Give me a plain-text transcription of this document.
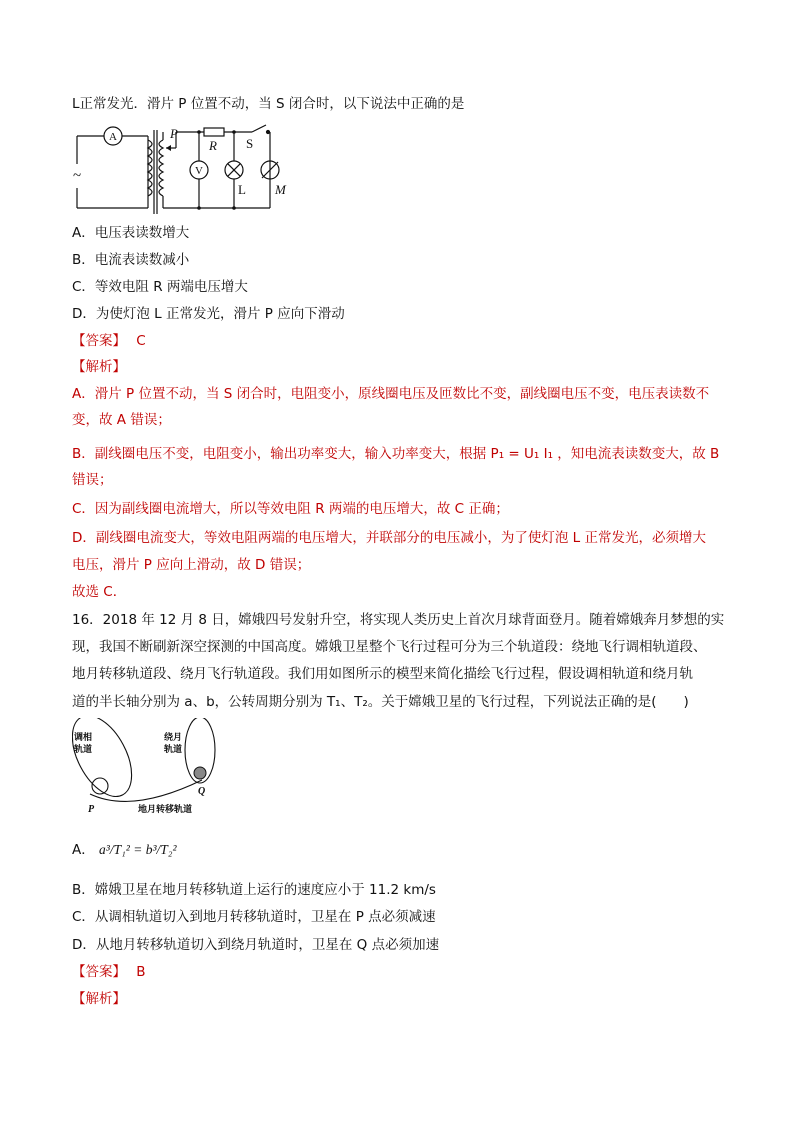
L正常发光．滑片 P 位置不动，当 S 闭合时，以下说法中正确的是
A
V
P
R S
L M
~
A．电压表读数增大
B．电流表读数减小
C．等效电阻 R 两端电压增大
D．为使灯泡 L 正常发光，滑片 P 应向下滑动
【答案】 C
【解析】
A．滑片 P 位置不动，当 S 闭合时，电阻变小，原线圈电压及匝数比不变，副线圈电压不变，电压表读数不
变，故 A 错误；
B．副线圈电压不变，电阻变小，输出功率变大，输入功率变大，根据 P₁ = U₁ I₁ ，知电流表读数变大，故 B
错误；
C．因为副线圈电流增大，所以等效电阻 R 两端的电压增大，故 C 正确；
D．副线圈电流变大，等效电阻两端的电压增大，并联部分的电压减小，为了使灯泡 L 正常发光，必须增大
电压，滑片 P 应向上滑动，故 D 错误；
故选 C．
16．2018 年 12 月 8 日，嫦娥四号发射升空，将实现人类历史上首次月球背面登月。随着嫦娥奔月梦想的实
现，我国不断刷新深空探测的中国高度。嫦娥卫星整个飞行过程可分为三个轨道段：绕地飞行调相轨道段、
地月转移轨道段、绕月飞行轨道段。我们用如图所示的模型来简化描绘飞行过程，假设调相轨道和绕月轨
道的半长轴分别为 a、b，公转周期分别为 T₁、T₂。关于嫦娥卫星的飞行过程，下列说法正确的是(　　)
调相
轨道
绕月
轨道
地月转移轨道
P
Q
A． a³/T₁² = b³/T₂²
B．嫦娥卫星在地月转移轨道上运行的速度应小于 11.2 km/s
C．从调相轨道切入到地月转移轨道时，卫星在 P 点必须减速
D．从地月转移轨道切入到绕月轨道时，卫星在 Q 点必须加速
【答案】 B
【解析】
